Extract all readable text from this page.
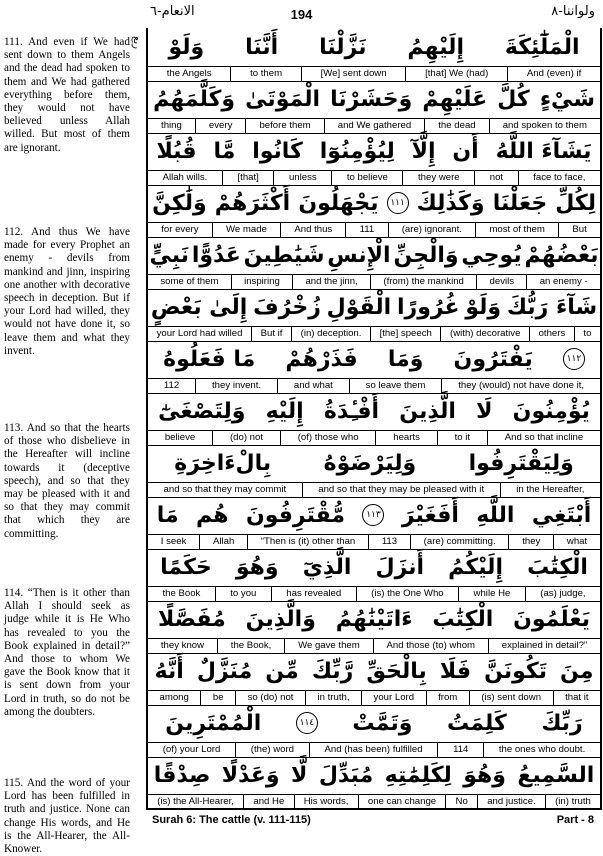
الانعام-٦	194	ولواننا-٨
ربع
111. And even if We had sent down to them Angels and the dead had spoken to them and We had gathered everything before them, they would not have believed unless Allah willed. But most of them are ignorant.
112. And thus We have made for every Prophet an enemy - devils from mankind and jinn, inspiring one another with decorative speech in deception. But if your Lord had willed, they would not have done it, so leave them and what they invent.
113. And so that the hearts of those who disbelieve in the Hereafter will incline towards it (deceptive speech), and so that they may be pleased with it and so that they may commit that which they are committing.
114. “Then is it other than Allah I should seek as judge while it is He Who has revealed to you the Book explained in detail?” And those to whom We gave the Book know that it is sent down from your Lord in truth, so do not be among the doubters.
115. And the word of your Lord has been fulfilled in truth and justice. None can change His words, and He is the All-Hearer, the All-Knower.
وَلَوْ أَنَّنَا نَزَّلْنَا إِلَيْهِمُ الْمَلَٰٓئِكَةَ
the Angels	to them	[We] sent down	[that] We (had)	And (even) if
وَكَلَّمَهُمُ الْمَوْتَىٰ وَحَشَرْنَا عَلَيْهِمْ كُلَّ شَيْءٍ
thing	every	before them	and We gathered	the dead	and spoken to them
قُبُلًا مَّا كَانُوا لِيُؤْمِنُوٓا إِلَّآ أَن يَشَآءَ اللَّهُ
Allah wills.	[that]	unless	to believe	they were	not	face to face,
وَلَٰكِنَّ أَكْثَرَهُمْ يَجْهَلُونَ	١١١ وَكَذَٰلِكَ جَعَلْنَا لِكُلِّ
for every	We made	And thus	111	(are) ignorant.	most of them	But
نَبِيٍّ عَدُوًّا شَيَٰطِينَ الْإِنسِ وَالْجِنِّ يُوحِي بَعْضُهُمْ
some of them	inspiring	and the jinn,	(from) the mankind	devils	an enemy -
إِلَىٰ بَعْضٍ زُخْرُفَ الْقَوْلِ غُرُورًا وَلَوْ شَآءَ رَبُّكَ
your Lord had willed	But if	(in) deception.	[the] speech	(with) decorative	others	to
مَا فَعَلُوهُ فَذَرْهُمْ وَمَا يَفْتَرُونَ	١١٢
112	they invent.	and what	so leave them	they (would) not have done it,
وَلِتَصْغَىٰٓ إِلَيْهِ أَفْـِٔدَةُ الَّذِينَ لَا يُؤْمِنُونَ
believe	(do) not	(of) those who	hearts	to it	And so that incline
بِالْءَاخِرَةِ وَلِيَرْضَوْهُ وَلِيَقْتَرِفُوا
and so that they may commit	and so that they may be pleased with it	in the Hereafter,
مَا هُم مُّقْتَرِفُونَ	١١٣ أَفَغَيْرَ اللَّهِ أَبْتَغِي
I seek	Allah	“Then is (it) other than	113	(are) committing.	they	what
حَكَمًا وَهُوَ الَّذِيٓ أَنزَلَ إِلَيْكُمُ الْكِتَٰبَ
the Book	to you	has revealed	(is) the One Who	while He	(as) judge,
مُفَصَّلًا وَالَّذِينَ ءَاتَيْنَٰهُمُ الْكِتَٰبَ يَعْلَمُونَ
they know	the Book,	We gave them	And those (to) whom	explained in detail?”
أَنَّهُ مُنَزَّلٌ مِّن رَّبِّكَ بِالْحَقِّ فَلَا تَكُونَنَّ مِنَ
among	be	so (do) not	in truth,	your Lord	from	(is) sent down	that it
الْمُمْتَرِينَ	١١٤ وَتَمَّتْ كَلِمَتُ رَبِّكَ
(of) your Lord	(the) word	And (has been) fulfilled	114	the ones who doubt.
صِدْقًا وَعَدْلًا لَّا مُبَدِّلَ لِكَلِمَٰتِهِ وَهُوَ السَّمِيعُ
(is) the All-Hearer,	and He	His words,	one can change	No	and justice.	(in) truth
Surah 6: The cattle (v. 111-115)	Part - 8
